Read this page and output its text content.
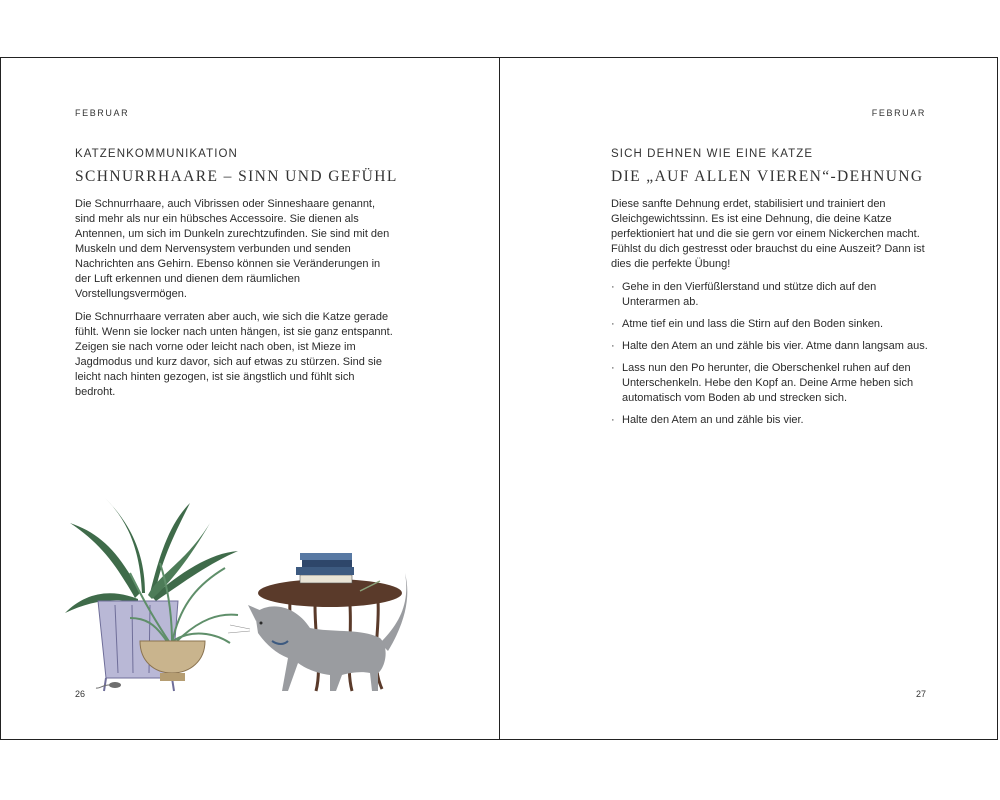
FEBRUAR
KATZENKOMMUNIKATION
SCHNURRHAARE – SINN UND GEFÜHL

Die Schnurrhaare, auch Vibrissen oder Sinneshaare genannt, sind mehr als nur ein hübsches Accessoire. Sie dienen als Antennen, um sich im Dunkeln zurechtzufinden. Sie sind mit den Muskeln und dem Nervensystem verbunden und senden Nachrichten ans Gehirn. Ebenso können sie Veränderungen in der Luft erkennen und dienen dem räumlichen Vorstellungsvermögen.

Die Schnurrhaare verraten aber auch, wie sich die Katze gerade fühlt. Wenn sie locker nach unten hängen, ist sie ganz entspannt. Zeigen sie nach vorne oder leicht nach oben, ist Mieze im Jagdmodus und kurz davor, sich auf etwas zu stürzen. Sind sie leicht nach hinten gezogen, ist sie ängstlich und fühlt sich bedroht.

26
FEBRUAR
SICH DEHNEN WIE EINE KATZE
DIE „AUF ALLEN VIEREN“-DEHNUNG

Diese sanfte Dehnung erdet, stabilisiert und trainiert den Gleichgewichtssinn. Es ist eine Dehnung, die deine Katze perfektioniert hat und die sie gern vor einem Nickerchen macht. Fühlst du dich gestresst oder brauchst du eine Auszeit? Dann ist dies die perfekte Übung!

· Gehe in den Vierfüßlerstand und stütze dich auf den Unterarmen ab.
· Atme tief ein und lass die Stirn auf den Boden sinken.
· Halte den Atem an und zähle bis vier. Atme dann langsam aus.
· Lass nun den Po herunter, die Oberschenkel ruhen auf den Unterschenkeln. Hebe den Kopf an. Deine Arme heben sich automatisch vom Boden ab und strecken sich.
· Halte den Atem an und zähle bis vier.
27
